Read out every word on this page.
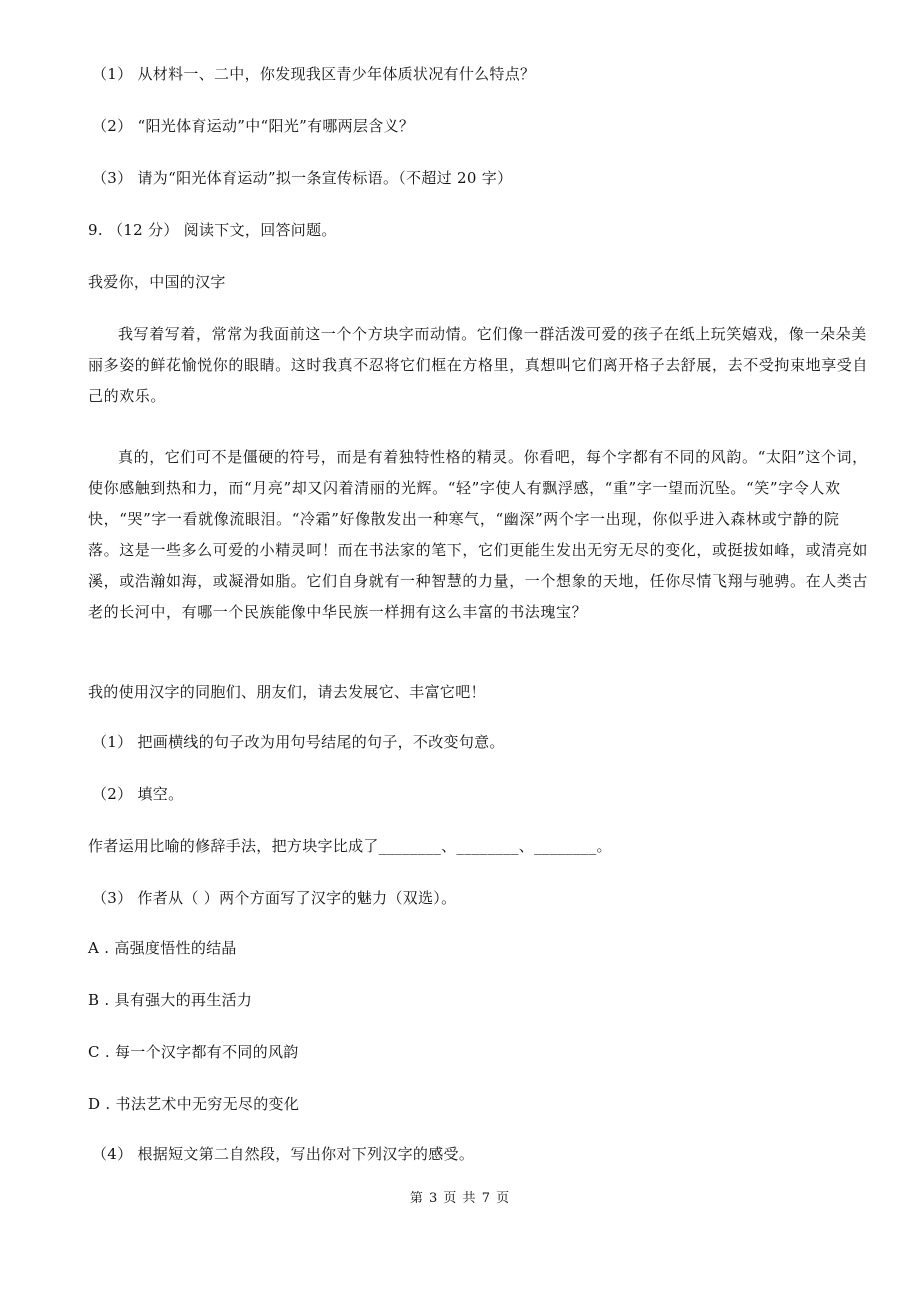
（1） 从材料一、二中，你发现我区青少年体质状况有什么特点？
（2） “阳光体育运动”中“阳光”有哪两层含义？
（3） 请为“阳光体育运动”拟一条宣传标语。（不超过 20 字）
9. （12 分） 阅读下文，回答问题。
我爱你，中国的汉字

我写着写着，常常为我面前这一个个方块字而动情。它们像一群活泼可爱的孩子在纸上玩笑嬉戏，像一朵朵美丽多姿的鲜花愉悦你的眼睛。这时我真不忍将它们框在方格里，真想叫它们离开格子去舒展，去不受拘束地享受自己的欢乐。

真的，它们可不是僵硬的符号，而是有着独特性格的精灵。你看吧，每个字都有不同的风韵。“太阳”这个词，使你感触到热和力，而“月亮”却又闪着清丽的光辉。“轻”字使人有飘浮感，“重”字一望而沉坠。“笑”字令人欢快，“哭”字一看就像流眼泪。“冷霜”好像散发出一种寒气，“幽深”两个字一出现，你似乎进入森林或宁静的院落。这是一些多么可爱的小精灵呵！而在书法家的笔下，它们更能生发出无穷无尽的变化，或挺拔如峰，或清亮如溪，或浩瀚如海，或凝滑如脂。它们自身就有一种智慧的力量，一个想象的天地，任你尽情飞翔与驰骋。在人类古老的长河中，有哪一个民族能像中华民族一样拥有这么丰富的书法瑰宝？

我的使用汉字的同胞们、朋友们，请去发展它、丰富它吧！
（1） 把画横线的句子改为用句号结尾的句子，不改变句意。
（2） 填空。
作者运用比喻的修辞手法，把方块字比成了________、________、________。
（3） 作者从（ ）两个方面写了汉字的魅力（双选）。
A . 高强度悟性的结晶
B . 具有强大的再生活力
C . 每一个汉字都有不同的风韵
D . 书法艺术中无穷无尽的变化
（4） 根据短文第二自然段，写出你对下列汉字的感受。
第 3 页 共 7 页
